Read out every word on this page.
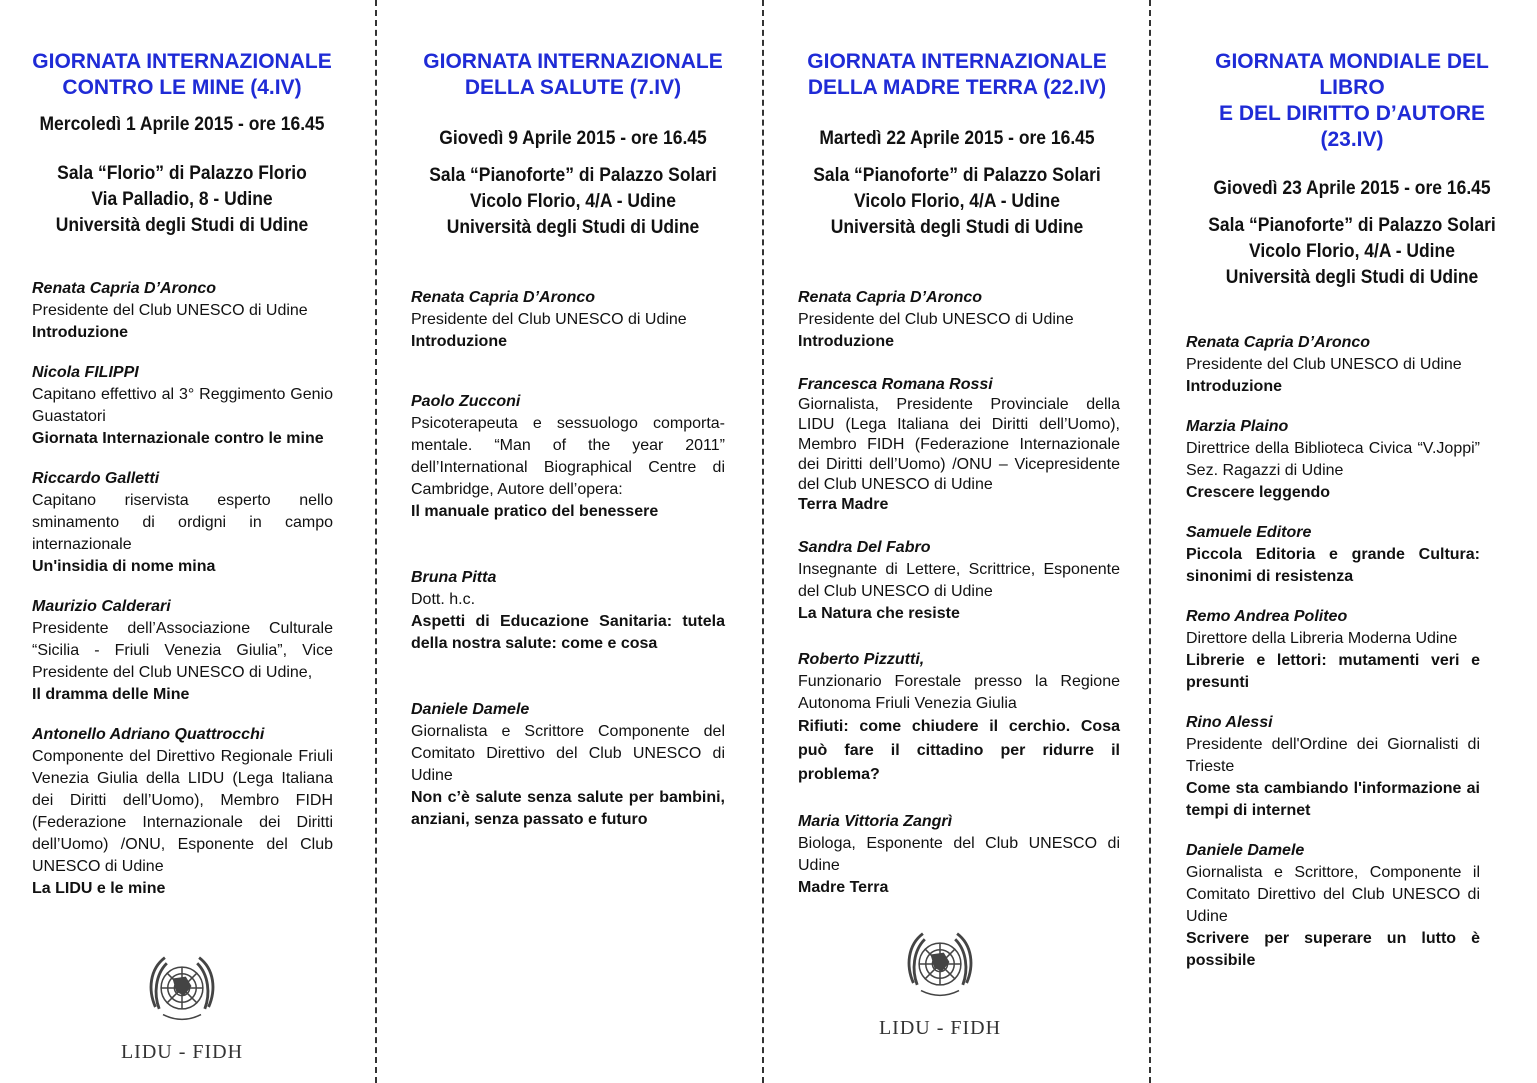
GIORNATA INTERNAZIONALE
CONTRO LE MINE (4.IV)
Mercoledì 1 Aprile 2015 - ore 16.45
Sala “Florio” di Palazzo Florio
Via Palladio, 8 - Udine
Università degli Studi di Udine
Renata Capria D’Aronco
Presidente del Club UNESCO di Udine
Introduzione
Nicola FILIPPI
Capitano effettivo al 3° Reggimento Genio Guastatori
Giornata Internazionale contro le mine
Riccardo Galletti
Capitano riservista esperto nello sminamento di ordigni in campo internazionale
Un'insidia di nome mina
Maurizio Calderari
Presidente dell’Associazione Culturale “Sicilia - Friuli Venezia Giulia”, Vice Presidente del Club UNESCO di Udine,
Il dramma delle Mine
Antonello Adriano Quattrocchi
Componente del Direttivo Regionale Friuli Venezia Giulia della LIDU (Lega Italiana dei Diritti dell’Uomo), Membro FIDH (Federazione Internazionale dei Diritti dell’Uomo) /ONU, Esponente del Club UNESCO di Udine
La LIDU e le mine
LIDU - FIDH
GIORNATA INTERNAZIONALE
DELLA SALUTE (7.IV)
Giovedì 9 Aprile 2015 - ore 16.45
Sala “Pianoforte” di Palazzo Solari
Vicolo Florio, 4/A - Udine
Università degli Studi di Udine
Renata Capria D’Aronco
Presidente del Club UNESCO di Udine
Introduzione
Paolo Zucconi
Psicoterapeuta e sessuologo comporta-mentale. “Man of the year 2011” dell’International Biographical Centre di Cambridge, Autore dell’opera:
Il manuale pratico del benessere
Bruna Pitta
Dott. h.c.
Aspetti di Educazione Sanitaria: tutela della nostra salute: come e cosa
Daniele Damele
Giornalista e Scrittore Componente del Comitato Direttivo del Club UNESCO di Udine
Non c’è salute senza salute per bambini, anziani, senza passato e futuro
GIORNATA INTERNAZIONALE
DELLA MADRE TERRA (22.IV)
Martedì 22 Aprile 2015 - ore 16.45
Sala “Pianoforte” di Palazzo Solari
Vicolo Florio, 4/A - Udine
Università degli Studi di Udine
Renata Capria D’Aronco
Presidente del Club UNESCO di Udine
Introduzione
Francesca Romana Rossi
Giornalista, Presidente Provinciale della LIDU (Lega Italiana dei Diritti dell’Uomo), Membro FIDH (Federazione Internazionale dei Diritti dell’Uomo) /ONU – Vicepresidente del Club UNESCO di Udine
Terra Madre
Sandra Del Fabro
Insegnante di Lettere, Scrittrice, Esponente del Club UNESCO di Udine
La Natura che resiste
Roberto Pizzutti,
Funzionario Forestale presso la Regione Autonoma Friuli Venezia Giulia
Rifiuti: come chiudere il cerchio. Cosa può fare il cittadino per ridurre il problema?
Maria Vittoria Zangrì
Biologa, Esponente del Club UNESCO di Udine
Madre Terra
LIDU - FIDH
GIORNATA MONDIALE DEL
LIBRO
E DEL DIRITTO D’AUTORE
(23.IV)
Giovedì 23 Aprile 2015 - ore 16.45
Sala “Pianoforte” di Palazzo Solari
Vicolo Florio, 4/A - Udine
Università degli Studi di Udine
Renata Capria D’Aronco
Presidente del Club UNESCO di Udine
Introduzione
Marzia Plaino
Direttrice della Biblioteca Civica “V.Joppi” Sez. Ragazzi di Udine
Crescere leggendo
Samuele Editore
Piccola Editoria e grande Cultura: sinonimi di resistenza
Remo Andrea Politeo
Direttore della Libreria Moderna Udine
Librerie e lettori: mutamenti veri e presunti
Rino Alessi
Presidente dell'Ordine dei Giornalisti di Trieste
Come sta cambiando l'informazione ai tempi di internet
Daniele Damele
Giornalista e Scrittore, Componente il Comitato Direttivo del Club UNESCO di Udine
Scrivere per superare un lutto è possibile
